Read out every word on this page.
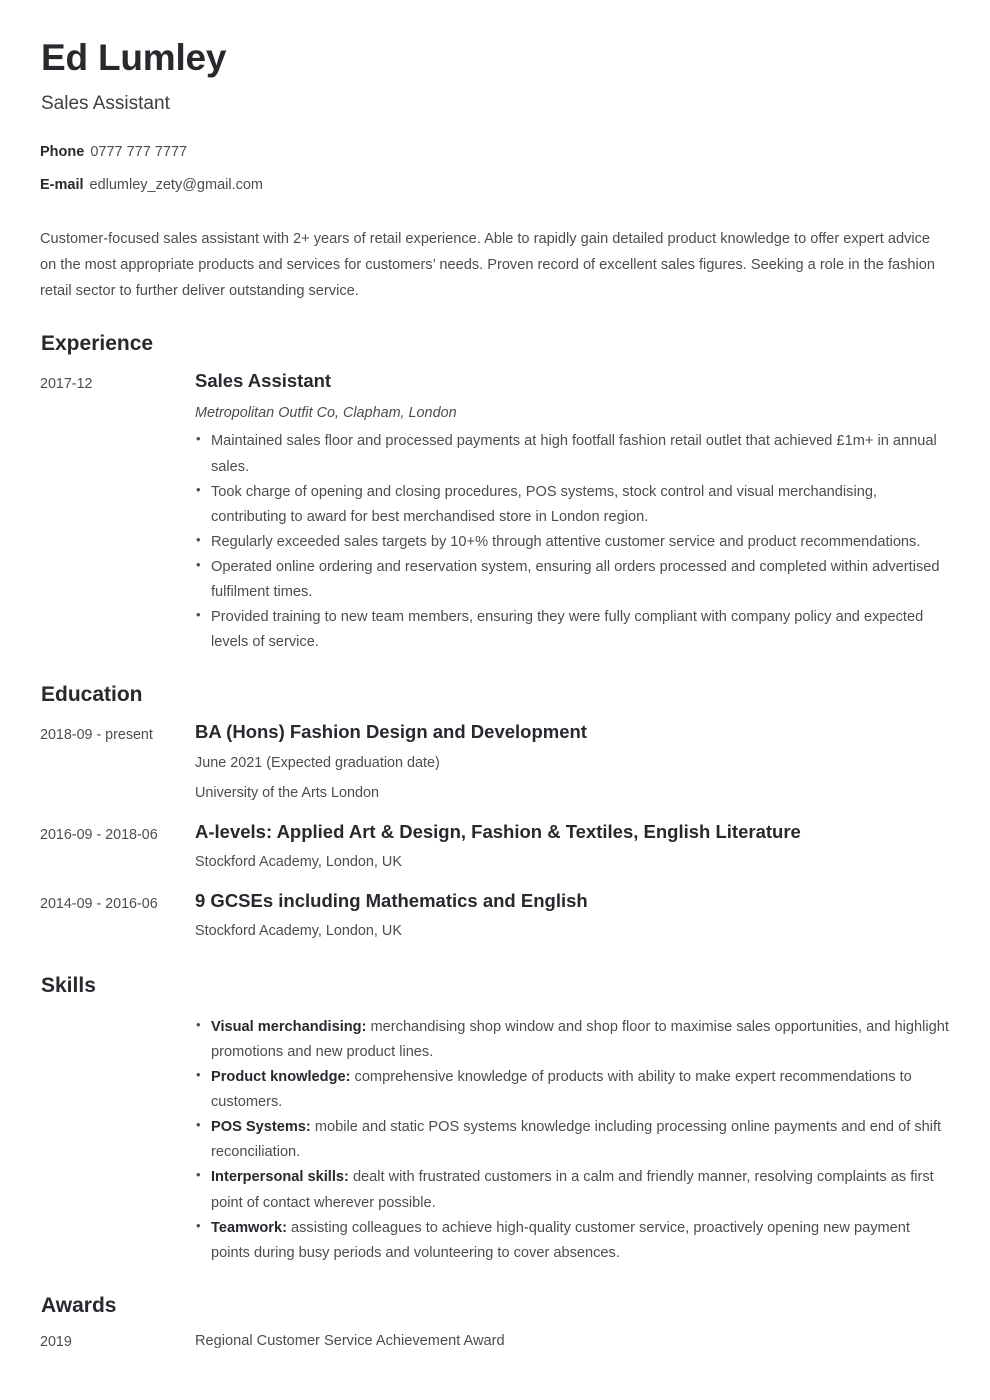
Ed Lumley
Sales Assistant
Phone 0777 777 7777
E-mail edlumley_zety@gmail.com
Customer-focused sales assistant with 2+ years of retail experience. Able to rapidly gain detailed product knowledge to offer expert advice on the most appropriate products and services for customers’ needs. Proven record of excellent sales figures. Seeking a role in the fashion retail sector to further deliver outstanding service.
Experience
2017-12	Sales Assistant
Metropolitan Outfit Co, Clapham, London
• Maintained sales floor and processed payments at high footfall fashion retail outlet that achieved £1m+ in annual sales.
• Took charge of opening and closing procedures, POS systems, stock control and visual merchandising, contributing to award for best merchandised store in London region.
• Regularly exceeded sales targets by 10+% through attentive customer service and product recommendations.
• Operated online ordering and reservation system, ensuring all orders processed and completed within advertised fulfilment times.
• Provided training to new team members, ensuring they were fully compliant with company policy and expected levels of service.
Education
2018-09 - present	BA (Hons) Fashion Design and Development
June 2021 (Expected graduation date)
University of the Arts London
2016-09 - 2018-06	A-levels: Applied Art & Design, Fashion & Textiles, English Literature
Stockford Academy, London, UK
2014-09 - 2016-06	9 GCSEs including Mathematics and English
Stockford Academy, London, UK
Skills
• Visual merchandising: merchandising shop window and shop floor to maximise sales opportunities, and highlight promotions and new product lines.
• Product knowledge: comprehensive knowledge of products with ability to make expert recommendations to customers.
• POS Systems: mobile and static POS systems knowledge including processing online payments and end of shift reconciliation.
• Interpersonal skills: dealt with frustrated customers in a calm and friendly manner, resolving complaints as first point of contact wherever possible.
• Teamwork: assisting colleagues to achieve high-quality customer service, proactively opening new payment points during busy periods and volunteering to cover absences.
Awards
2019	Regional Customer Service Achievement Award
